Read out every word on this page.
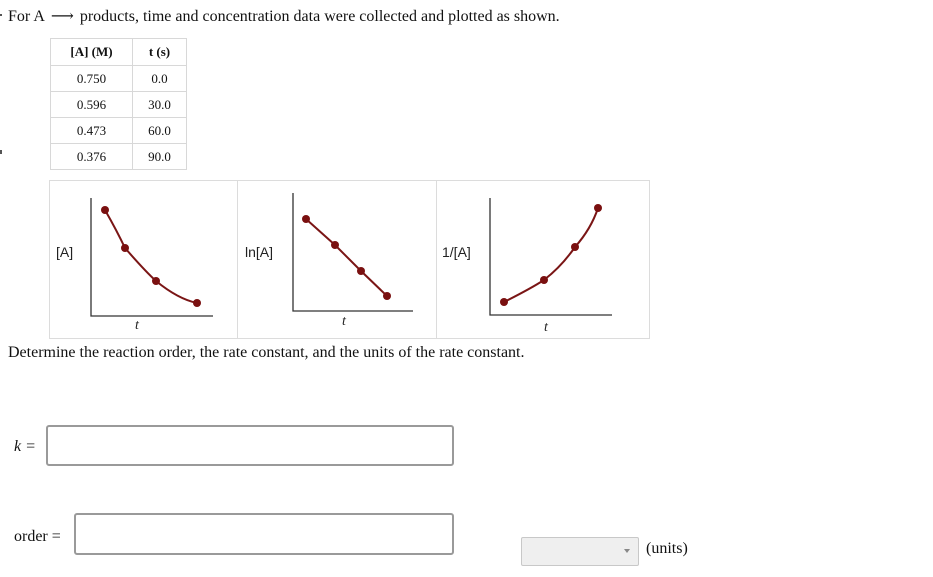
For A ⟶ products, time and concentration data were collected and plotted as shown.
[A] (M)	t (s)
0.750	0.0
0.596	30.0
0.473	60.0
0.376	90.0
[A]
t
ln[A]
t
1/[A]
t
Determine the reaction order, the rate constant, and the units of the rate constant.
k =
order =
(units)
